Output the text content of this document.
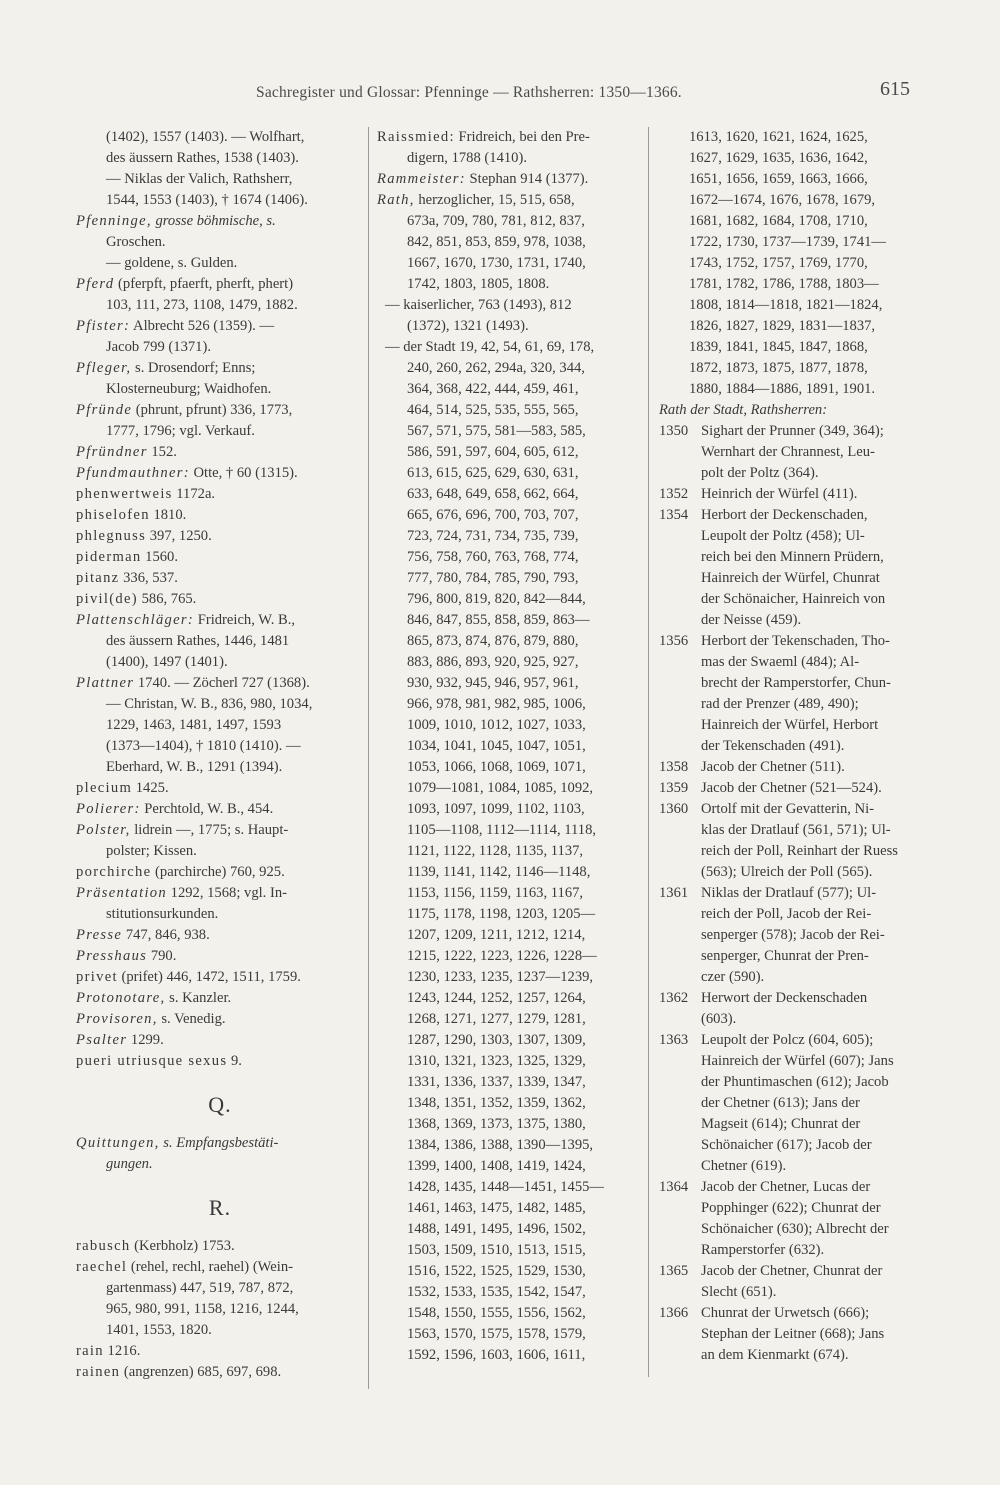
Sachregister und Glossar: Pfenninge — Rathsherren: 1350—1366.	615
(1402), 1557 (1403). — Wolfhart,
des äussern Rathes, 1538 (1403).
— Niklas der Valich, Rathsherr,
1544, 1553 (1403), † 1674 (1406).
Pfenninge, grosse böhmische, s.
Groschen.
— goldene, s. Gulden.
Pferd (pferpft, pfaerft, pherft, phert)
103, 111, 273, 1108, 1479, 1882.
Pfister: Albrecht 526 (1359). —
Jacob 799 (1371).
Pfleger, s. Drosendorf; Enns;
Klosterneuburg; Waidhofen.
Pfründe (phrunt, pfrunt) 336, 1773,
1777, 1796; vgl. Verkauf.
Pfründner 152.
Pfundmauthner: Otte, † 60 (1315).
phenwertweis 1172a.
phiselofen 1810.
phlegnuss 397, 1250.
piderman 1560.
pitanz 336, 537.
pivil(de) 586, 765.
Plattenschläger: Fridreich, W. B.,
des äussern Rathes, 1446, 1481
(1400), 1497 (1401).
Plattner 1740. — Zöcherl 727 (1368).
— Christan, W. B., 836, 980, 1034,
1229, 1463, 1481, 1497, 1593
(1373—1404), † 1810 (1410). —
Eberhard, W. B., 1291 (1394).
plecium 1425.
Polierer: Perchtold, W. B., 454.
Polster, lidrein —, 1775; s. Haupt-
polster; Kissen.
porchirche (parchirche) 760, 925.
Präsentation 1292, 1568; vgl. In-
stitutionsurkunden.
Presse 747, 846, 938.
Presshaus 790.
privet (prifet) 446, 1472, 1511, 1759.
Protonotare, s. Kanzler.
Provisoren, s. Venedig.
Psalter 1299.
pueri utriusque sexus 9.
Q.
Quittungen, s. Empfangsbestäti-
gungen.
R.
rabusch (Kerbholz) 1753.
raechel (rehel, rechl, raehel) (Wein-
gartenmass) 447, 519, 787, 872,
965, 980, 991, 1158, 1216, 1244,
1401, 1553, 1820.
rain 1216.
rainen (angrenzen) 685, 697, 698.
Raissmied: Fridreich, bei den Pre-
digern, 1788 (1410).
Rammeister: Stephan 914 (1377).
Rath, herzoglicher, 15, 515, 658,
673a, 709, 780, 781, 812, 837,
842, 851, 853, 859, 978, 1038,
1667, 1670, 1730, 1731, 1740,
1742, 1803, 1805, 1808.
— kaiserlicher, 763 (1493), 812
(1372), 1321 (1493).
— der Stadt 19, 42, 54, 61, 69, 178,
240, 260, 262, 294a, 320, 344,
364, 368, 422, 444, 459, 461,
464, 514, 525, 535, 555, 565,
567, 571, 575, 581—583, 585,
586, 591, 597, 604, 605, 612,
613, 615, 625, 629, 630, 631,
633, 648, 649, 658, 662, 664,
665, 676, 696, 700, 703, 707,
723, 724, 731, 734, 735, 739,
756, 758, 760, 763, 768, 774,
777, 780, 784, 785, 790, 793,
796, 800, 819, 820, 842—844,
846, 847, 855, 858, 859, 863—
865, 873, 874, 876, 879, 880,
883, 886, 893, 920, 925, 927,
930, 932, 945, 946, 957, 961,
966, 978, 981, 982, 985, 1006,
1009, 1010, 1012, 1027, 1033,
1034, 1041, 1045, 1047, 1051,
1053, 1066, 1068, 1069, 1071,
1079—1081, 1084, 1085, 1092,
1093, 1097, 1099, 1102, 1103,
1105—1108, 1112—1114, 1118,
1121, 1122, 1128, 1135, 1137,
1139, 1141, 1142, 1146—1148,
1153, 1156, 1159, 1163, 1167,
1175, 1178, 1198, 1203, 1205—
1207, 1209, 1211, 1212, 1214,
1215, 1222, 1223, 1226, 1228—
1230, 1233, 1235, 1237—1239,
1243, 1244, 1252, 1257, 1264,
1268, 1271, 1277, 1279, 1281,
1287, 1290, 1303, 1307, 1309,
1310, 1321, 1323, 1325, 1329,
1331, 1336, 1337, 1339, 1347,
1348, 1351, 1352, 1359, 1362,
1368, 1369, 1373, 1375, 1380,
1384, 1386, 1388, 1390—1395,
1399, 1400, 1408, 1419, 1424,
1428, 1435, 1448—1451, 1455—
1461, 1463, 1475, 1482, 1485,
1488, 1491, 1495, 1496, 1502,
1503, 1509, 1510, 1513, 1515,
1516, 1522, 1525, 1529, 1530,
1532, 1533, 1535, 1542, 1547,
1548, 1550, 1555, 1556, 1562,
1563, 1570, 1575, 1578, 1579,
1592, 1596, 1603, 1606, 1611,
1613, 1620, 1621, 1624, 1625,
1627, 1629, 1635, 1636, 1642,
1651, 1656, 1659, 1663, 1666,
1672—1674, 1676, 1678, 1679,
1681, 1682, 1684, 1708, 1710,
1722, 1730, 1737—1739, 1741—
1743, 1752, 1757, 1769, 1770,
1781, 1782, 1786, 1788, 1803—
1808, 1814—1818, 1821—1824,
1826, 1827, 1829, 1831—1837,
1839, 1841, 1845, 1847, 1868,
1872, 1873, 1875, 1877, 1878,
1880, 1884—1886, 1891, 1901.
Rath der Stadt, Rathsherren:
1350 Sighart der Prunner (349, 364);
Wernhart der Chrannest, Leu-
polt der Poltz (364).
1352 Heinrich der Würfel (411).
1354 Herbort der Deckenschaden,
Leupolt der Poltz (458); Ul-
reich bei den Minnern Prüdern,
Hainreich der Würfel, Chunrat
der Schönaicher, Hainreich von
der Neisse (459).
1356 Herbort der Tekenschaden, Tho-
mas der Swaeml (484); Al-
brecht der Ramperstorfer, Chun-
rad der Prenzer (489, 490);
Hainreich der Würfel, Herbort
der Tekenschaden (491).
1358 Jacob der Chetner (511).
1359 Jacob der Chetner (521—524).
1360 Ortolf mit der Gevatterin, Ni-
klas der Dratlauf (561, 571); Ul-
reich der Poll, Reinhart der Ruess
(563); Ulreich der Poll (565).
1361 Niklas der Dratlauf (577); Ul-
reich der Poll, Jacob der Rei-
senperger (578); Jacob der Rei-
senperger, Chunrat der Pren-
czer (590).
1362 Herwort der Deckenschaden
(603).
1363 Leupolt der Polcz (604, 605);
Hainreich der Würfel (607); Jans
der Phuntimaschen (612); Jacob
der Chetner (613); Jans der
Magseit (614); Chunrat der
Schönaicher (617); Jacob der
Chetner (619).
1364 Jacob der Chetner, Lucas der
Popphinger (622); Chunrat der
Schönaicher (630); Albrecht der
Ramperstorfer (632).
1365 Jacob der Chetner, Chunrat der
Slecht (651).
1366 Chunrat der Urwetsch (666);
Stephan der Leitner (668); Jans
an dem Kienmarkt (674).
